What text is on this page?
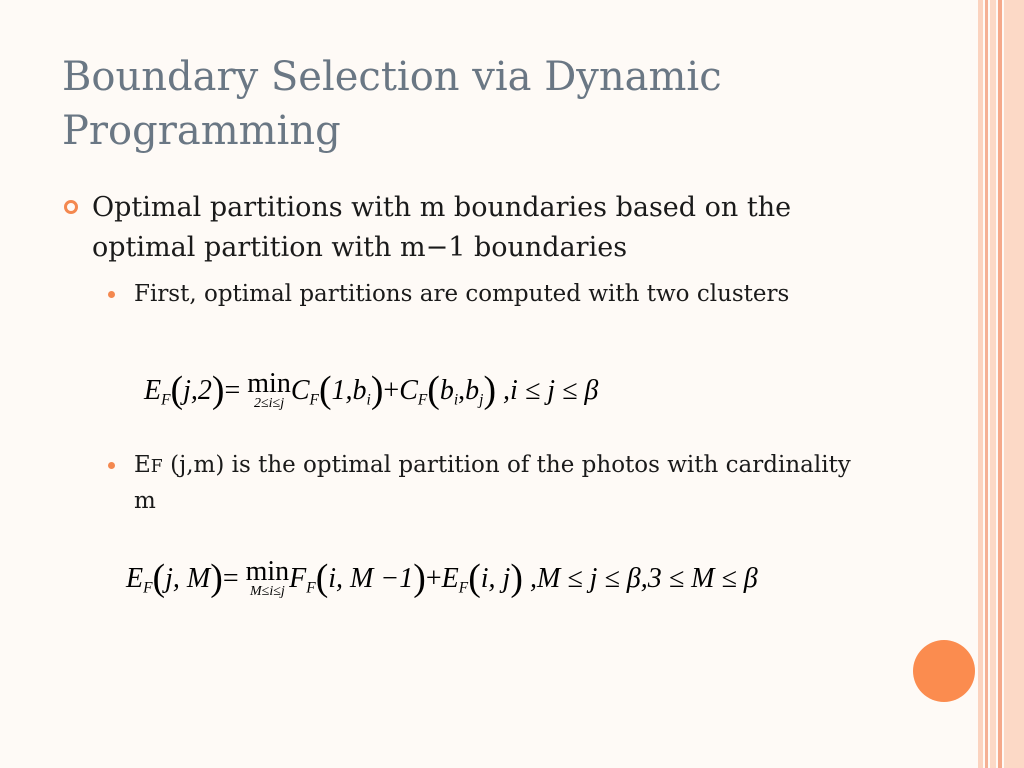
Boundary Selection via Dynamic Programming
Optimal partitions with m boundaries based on the optimal partition with m−1 boundaries
First, optimal partitions are computed with two clusters
$E_F(j,2)= \min$
2≤i≤j $C_F(1,b_i)+C_F(b_i,b_j) ,i \le j \le \beta$
EF (j,m) is the optimal partition of the photos with cardinality m
$E_F(j$, M)= min
M≤i≤j $F_F(i$, $M -1)+E_F(i$, j) ,M ≤ j ≤ β,3 ≤ M ≤ β
